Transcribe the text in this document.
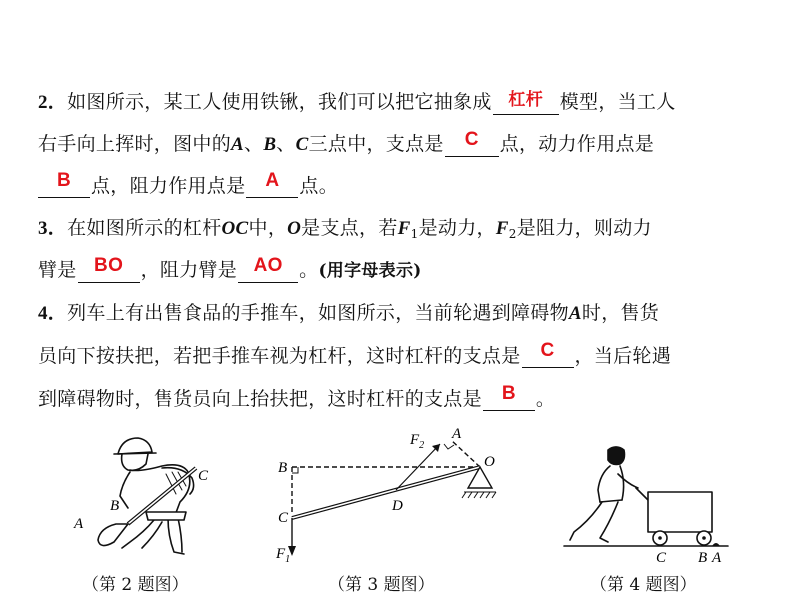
2．如图所示，某工人使用铁锹，我们可以把它抽象成 杠杆 模型，当工人
右手向上挥时，图中的A、B、C三点中，支点是	C	点，动力作用点是
B	点，阻力作用点是	A	点。
3．在如图所示的杠杆OC中，O是支点，若$F_1$是动力，$F_2$是阻力，则动力
臂是 BO ，阻力臂是 AO 。(用字母表示)
4．列车上有出售食品的手推车，如图所示，当前轮遇到障碍物A时，售货
员向下按扶把，若把手推车视为杠杆，这时杠杆的支点是	C	，当后轮遇
到障碍物时，售货员向上抬扶把，这时杠杆的支点是	B	。
C
B
A
$F_2$
A
B	O
C
D
$F_1$	C B A
（第 2 题图）	（第 3 题图）	（第 4 题图）
